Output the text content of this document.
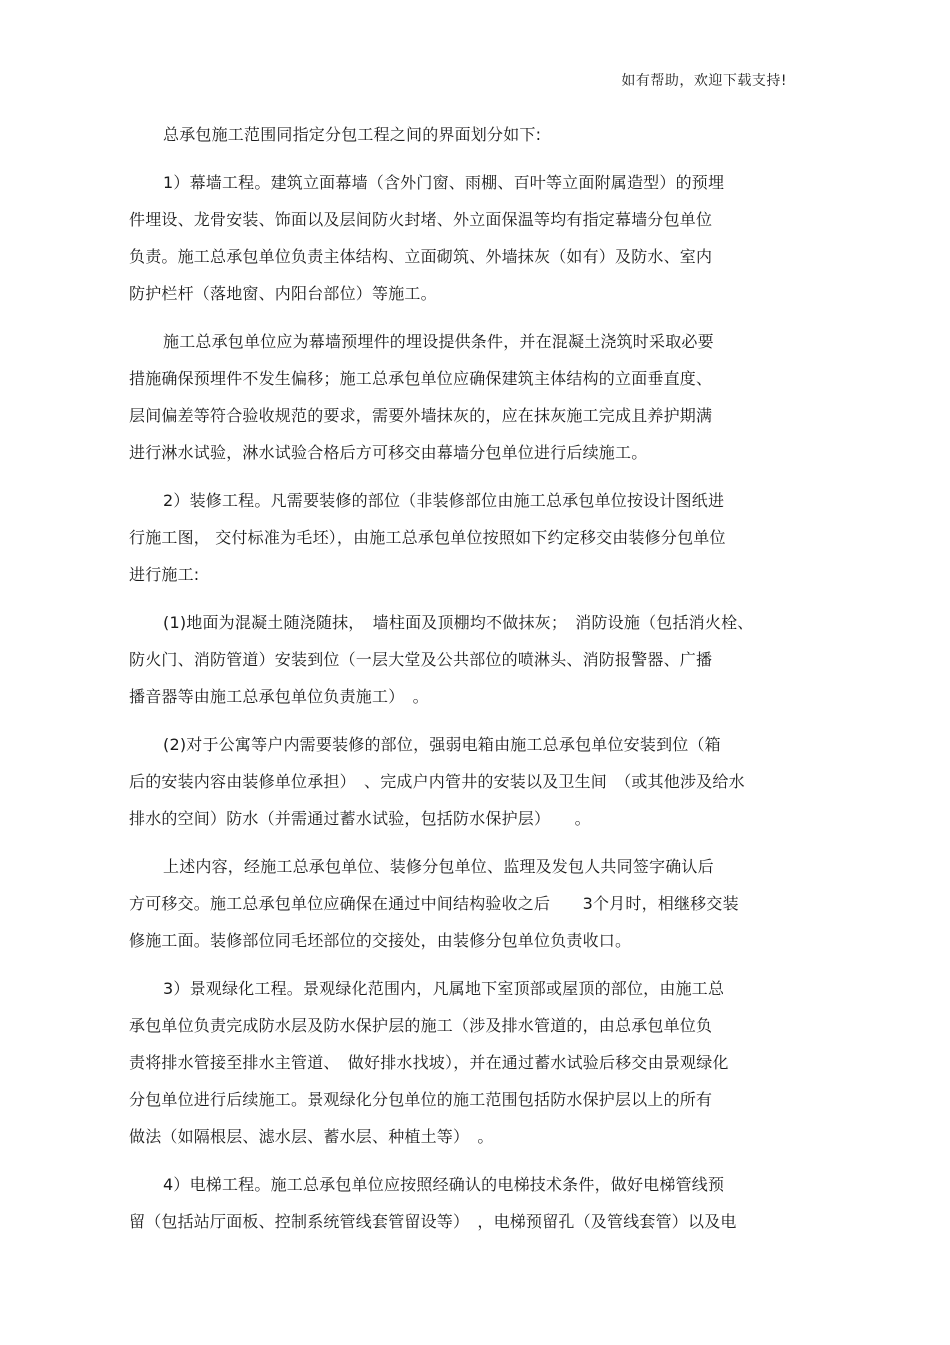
如有帮助，欢迎下载支持!
总承包施工范围同指定分包工程之间的界面划分如下:
1）幕墙工程。建筑立面幕墙（含外门窗、雨棚、百叶等立面附属造型）的预埋
件埋设、龙骨安装、饰面以及层间防火封堵、外立面保温等均有指定幕墙分包单位
负责。施工总承包单位负责主体结构、立面砌筑、外墙抹灰（如有）及防水、室内
防护栏杆（落地窗、内阳台部位）等施工。
施工总承包单位应为幕墙预埋件的埋设提供条件，并在混凝土浇筑时采取必要
措施确保预埋件不发生偏移；施工总承包单位应确保建筑主体结构的立面垂直度、
层间偏差等符合验收规范的要求，需要外墙抹灰的，应在抹灰施工完成且养护期满
进行淋水试验，淋水试验合格后方可移交由幕墙分包单位进行后续施工。
2）装修工程。凡需要装修的部位（非装修部位由施工总承包单位按设计图纸进
行施工图， 交付标准为毛坯），由施工总承包单位按照如下约定移交由装修分包单位
进行施工:
(1)地面为混凝土随浇随抹，　墙柱面及顶棚均不做抹灰；　消防设施（包括消火栓、
防火门、消防管道）安装到位（一层大堂及公共部位的喷淋头、消防报警器、广播
播音器等由施工总承包单位负责施工）　。
(2)对于公寓等户内需要装修的部位，强弱电箱由施工总承包单位安装到位（箱
后的安装内容由装修单位承担）　、完成户内管井的安装以及卫生间　（或其他涉及给水
排水的空间）防水（并需通过蓄水试验，包括防水保护层）　　。
上述内容，经施工总承包单位、装修分包单位、监理及发包人共同签字确认后
方可移交。施工总承包单位应确保在通过中间结构验收之后　　3个月时，相继移交装
修施工面。装修部位同毛坯部位的交接处，由装修分包单位负责收口。
3）景观绿化工程。景观绿化范围内，凡属地下室顶部或屋顶的部位，由施工总
承包单位负责完成防水层及防水保护层的施工（涉及排水管道的，由总承包单位负
责将排水管接至排水主管道、　做好排水找坡），并在通过蓄水试验后移交由景观绿化
分包单位进行后续施工。景观绿化分包单位的施工范围包括防水保护层以上的所有
做法（如隔根层、滤水层、蓄水层、种植土等）　。
4）电梯工程。施工总承包单位应按照经确认的电梯技术条件，做好电梯管线预
留（包括站厅面板、控制系统管线套管留设等）　，电梯预留孔（及管线套管）以及电
